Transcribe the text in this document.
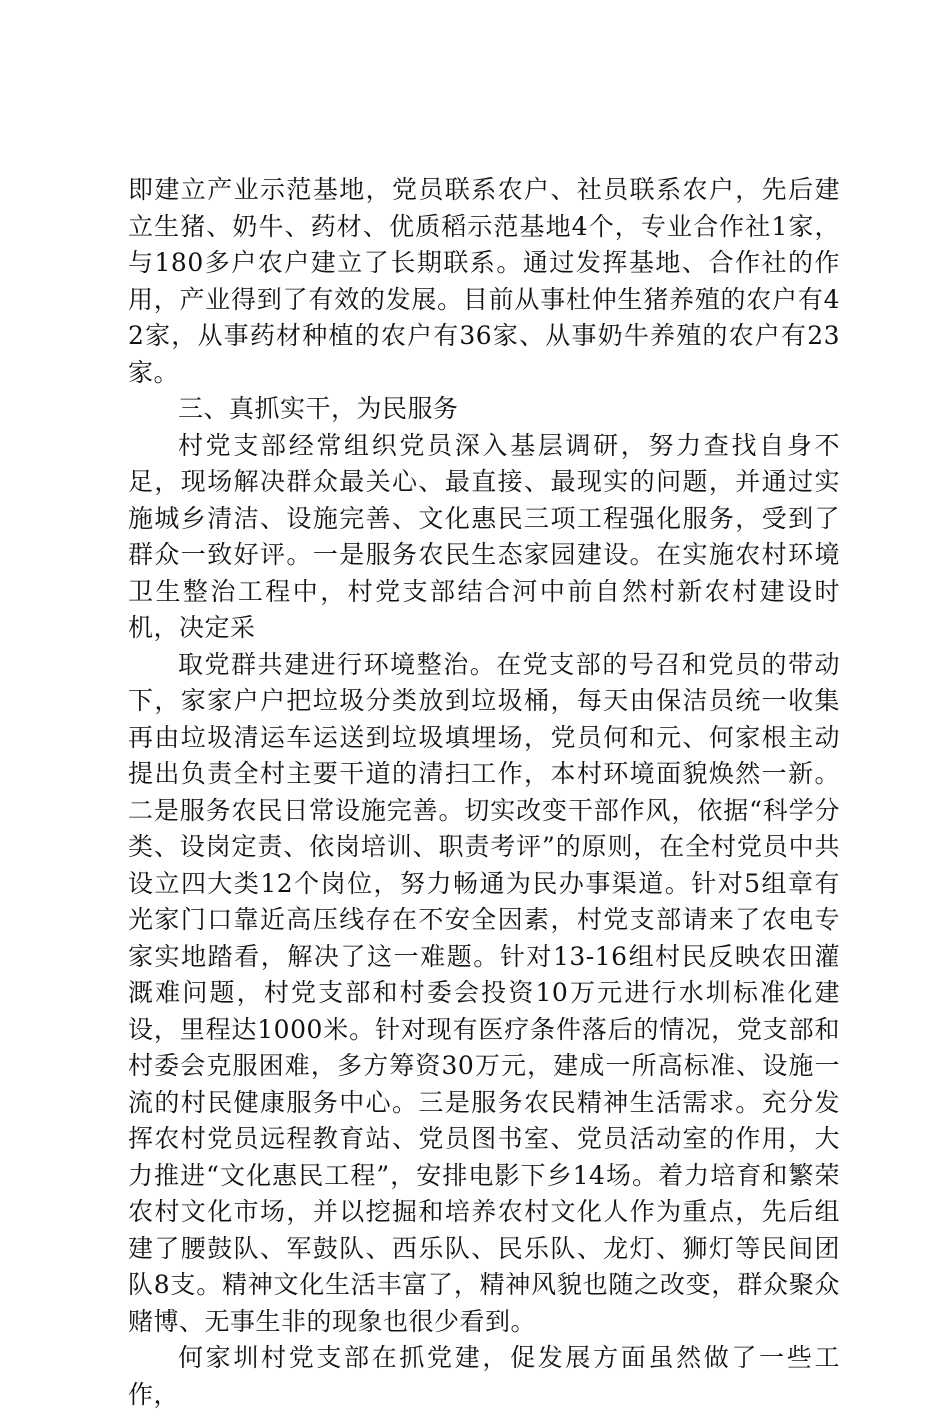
即建立产业示范基地，党员联系农户、社员联系农户，先后建立生猪、奶牛、药材、优质稻示范基地4个，专业合作社1家，与180多户农户建立了长期联系。通过发挥基地、合作社的作用，产业得到了有效的发展。目前从事杜仲生猪养殖的农户有42家，从事药材种植的农户有36家、从事奶牛养殖的农户有23家。

三、真抓实干，为民服务

村党支部经常组织党员深入基层调研，努力查找自身不足，现场解决群众最关心、最直接、最现实的问题，并通过实施城乡清洁、设施完善、文化惠民三项工程强化服务，受到了群众一致好评。一是服务农民生态家园建设。在实施农村环境卫生整治工程中，村党支部结合河中前自然村新农村建设时机，决定采

取党群共建进行环境整治。在党支部的号召和党员的带动下，家家户户把垃圾分类放到垃圾桶，每天由保洁员统一收集再由垃圾清运车运送到垃圾填埋场，党员何和元、何家根主动提出负责全村主要干道的清扫工作，本村环境面貌焕然一新。二是服务农民日常设施完善。切实改变干部作风，依据“科学分类、设岗定责、依岗培训、职责考评”的原则，在全村党员中共设立四大类12个岗位，努力畅通为民办事渠道。针对5组章有光家门口靠近高压线存在不安全因素，村党支部请来了农电专家实地踏看，解决了这一难题。针对13-16组村民反映农田灌溉难问题，村党支部和村委会投资10万元进行水圳标准化建设，里程达1000米。针对现有医疗条件落后的情况，党支部和村委会克服困难，多方筹资30万元，建成一所高标准、设施一流的村民健康服务中心。三是服务农民精神生活需求。充分发挥农村党员远程教育站、党员图书室、党员活动室的作用，大力推进“文化惠民工程”，安排电影下乡14场。着力培育和繁荣农村文化市场，并以挖掘和培养农村文化人作为重点，先后组建了腰鼓队、军鼓队、西乐队、民乐队、龙灯、狮灯等民间团队8支。精神文化生活丰富了，精神风貌也随之改变，群众聚众赌博、无事生非的现象也很少看到。

何家圳村党支部在抓党建，促发展方面虽然做了一些工作，
